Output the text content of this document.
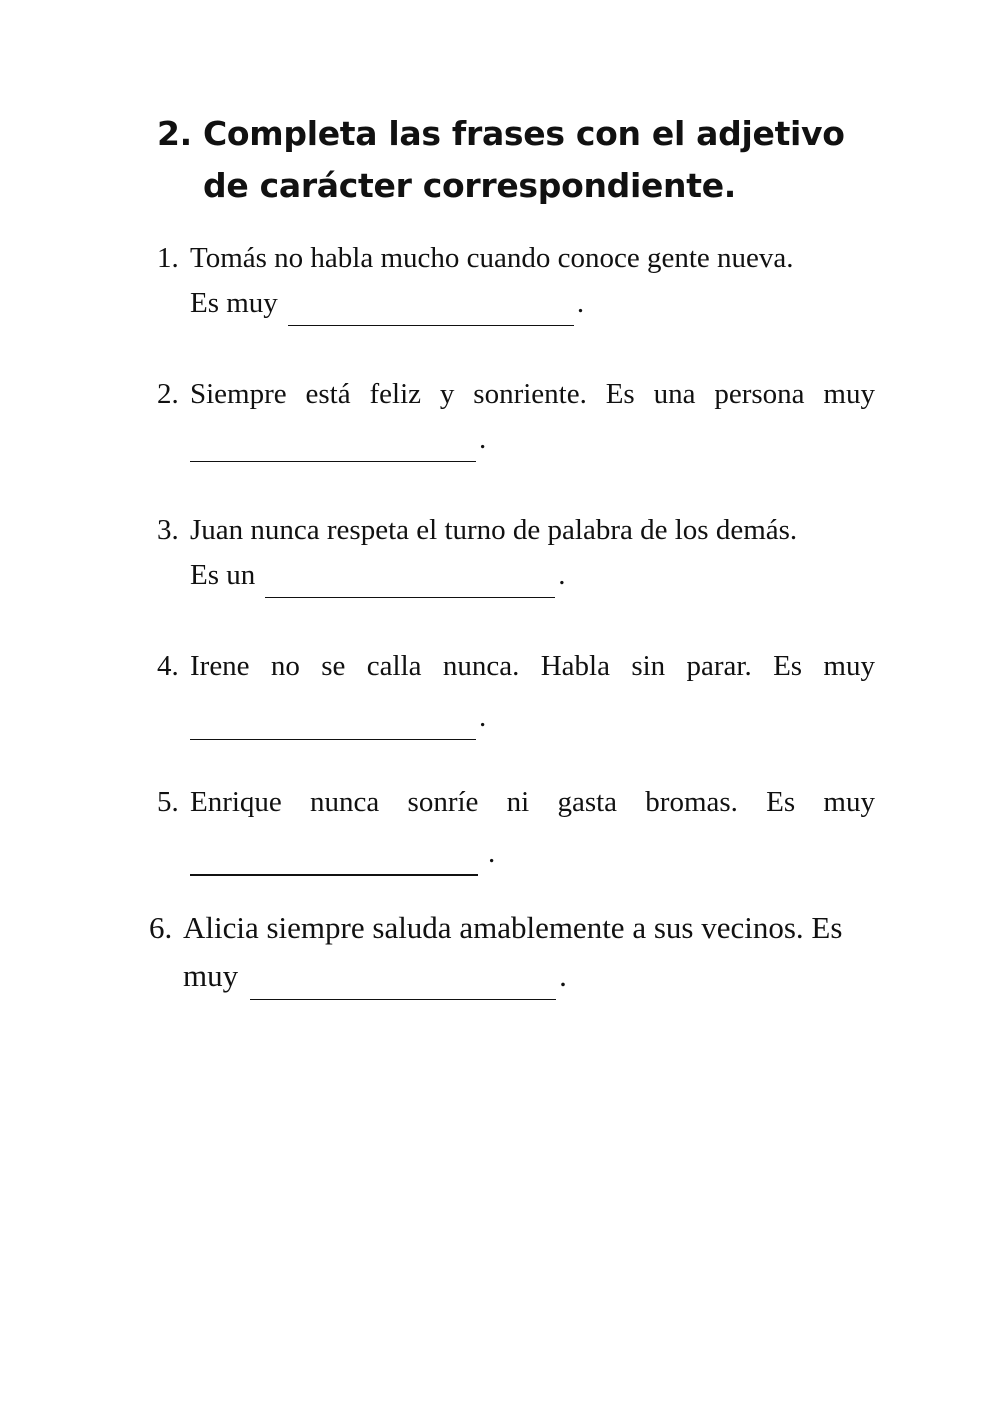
2. Completa las frases con el adjetivo
de carácter correspondiente.
1. Tomás no habla mucho cuando conoce gente nueva.
Es muy	.
2. Siempre está feliz y sonriente. Es una persona muy
.
3. Juan nunca respeta el turno de palabra de los demás.
Es un	.
4. Irene no se calla nunca. Habla sin parar. Es muy
.
5. Enrique nunca sonríe ni gasta bromas. Es muy
.
6. Alicia siempre saluda amablemente a sus vecinos. Es
muy	.
